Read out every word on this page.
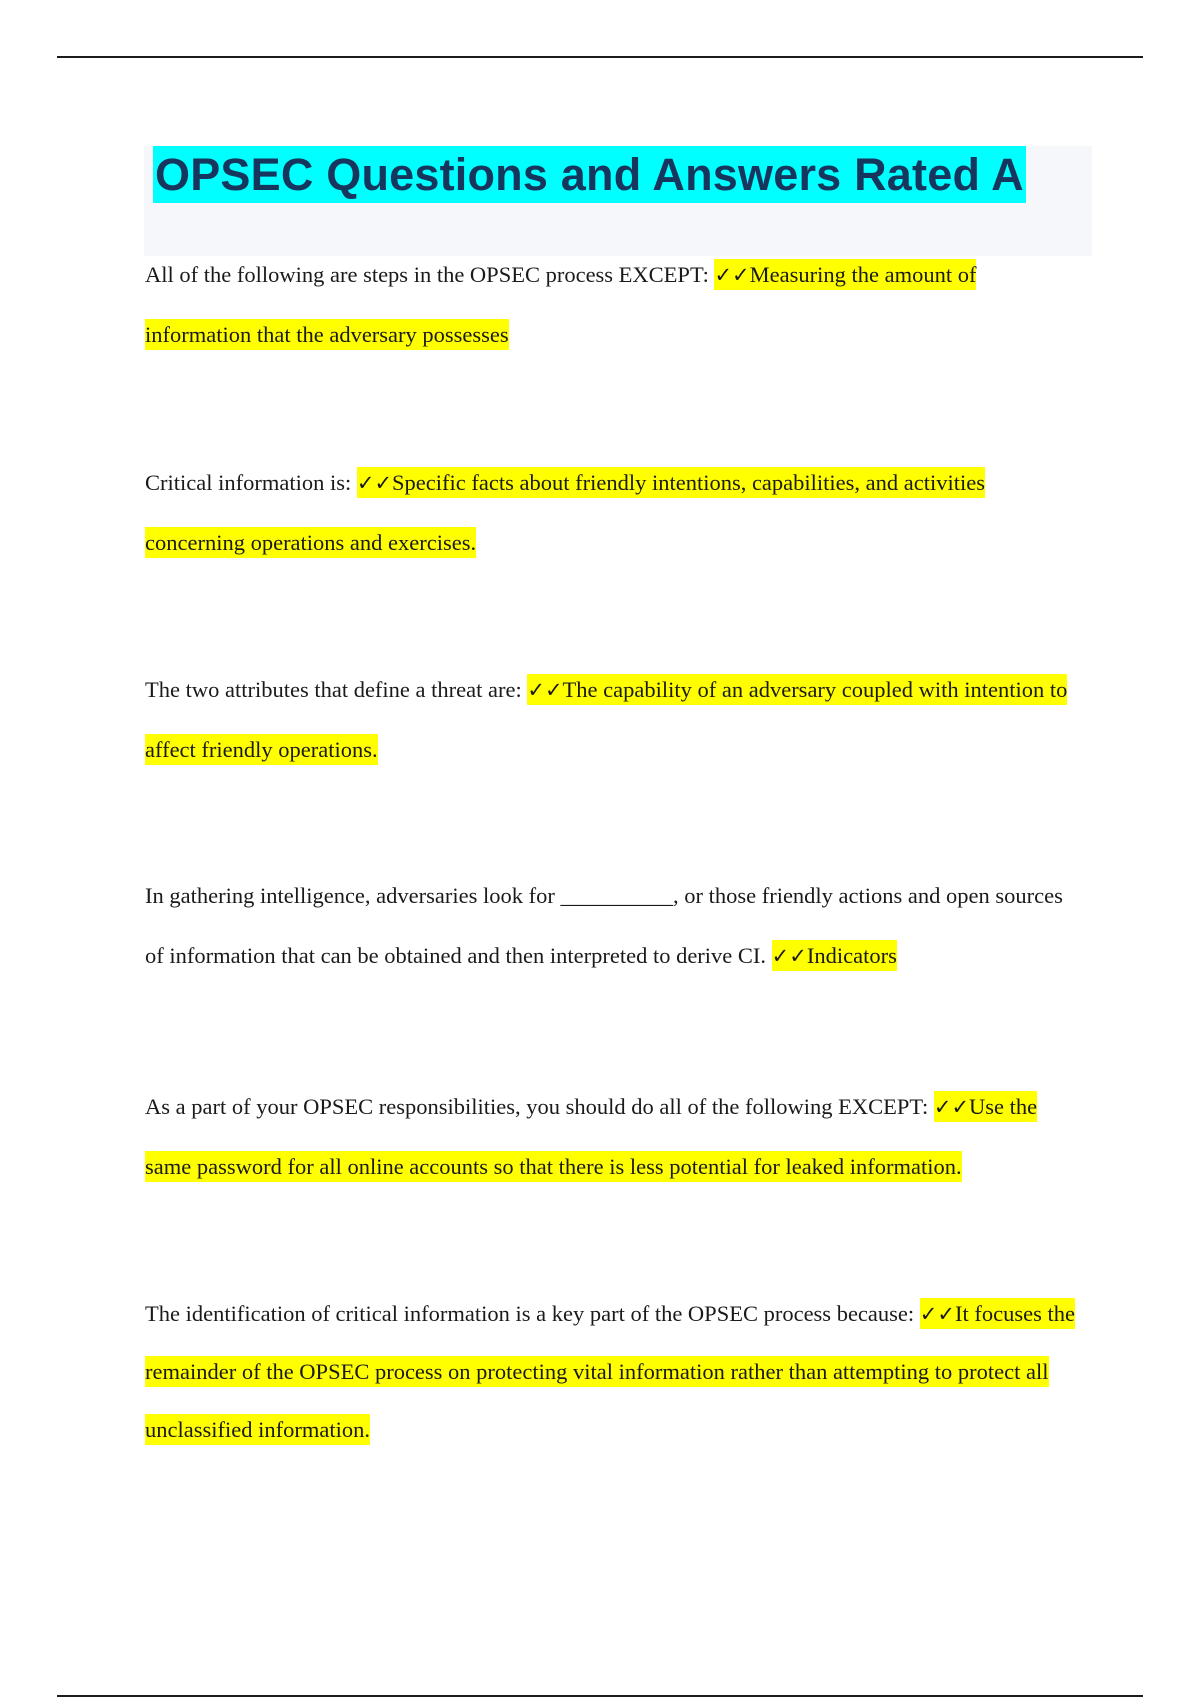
OPSEC Questions and Answers Rated A

All of the following are steps in the OPSEC process EXCEPT: ✓✓Measuring the amount of information that the adversary possesses

Critical information is: ✓✓Specific facts about friendly intentions, capabilities, and activities concerning operations and exercises.

The two attributes that define a threat are: ✓✓The capability of an adversary coupled with intention to affect friendly operations.

In gathering intelligence, adversaries look for __________, or those friendly actions and open sources of information that can be obtained and then interpreted to derive CI. ✓✓Indicators

As a part of your OPSEC responsibilities, you should do all of the following EXCEPT: ✓✓Use the same password for all online accounts so that there is less potential for leaked information.

The identification of critical information is a key part of the OPSEC process because: ✓✓It focuses the remainder of the OPSEC process on protecting vital information rather than attempting to protect all unclassified information.
